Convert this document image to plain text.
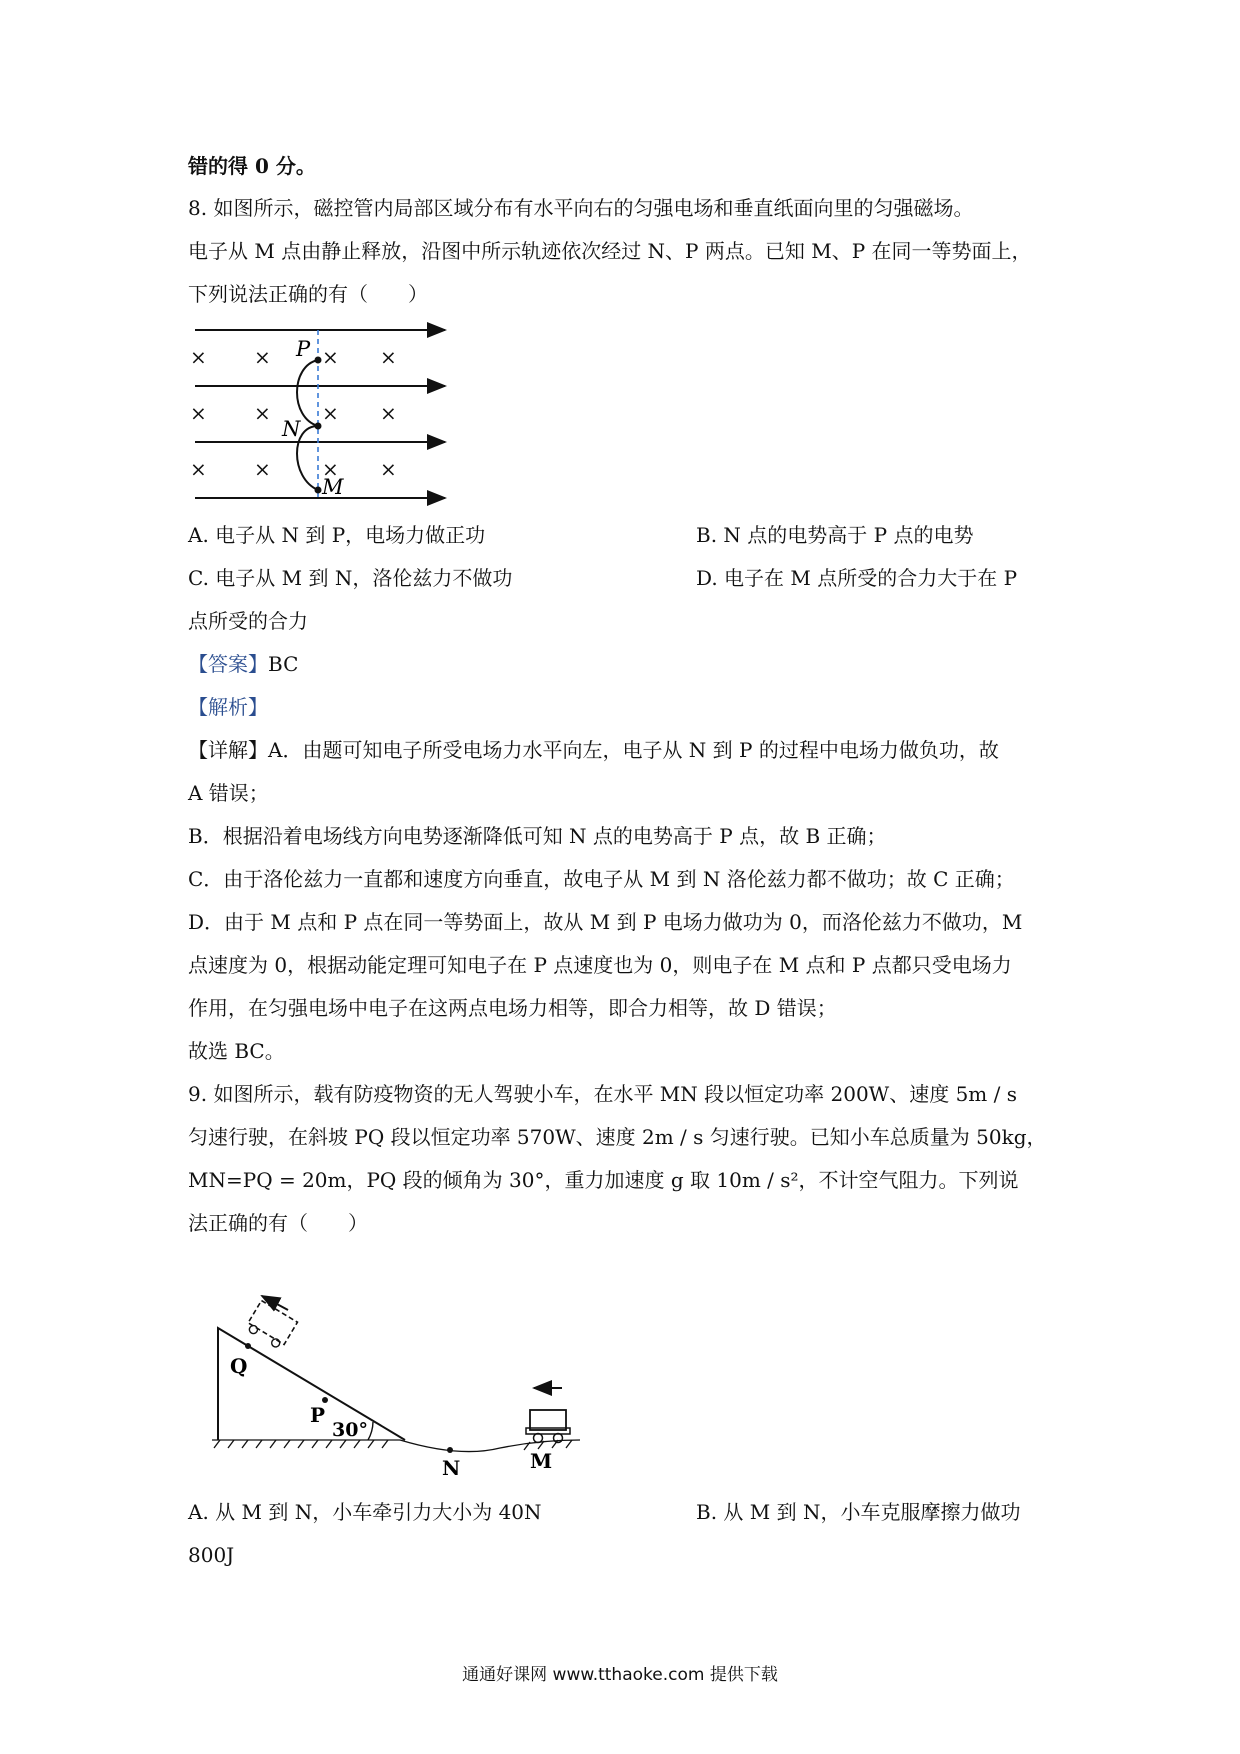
错的得 0 分。
8. 如图所示，磁控管内局部区域分布有水平向右的匀强电场和垂直纸面向里的匀强磁场。
电子从 M 点由静止释放，沿图中所示轨迹依次经过 N、P 两点。已知 M、P 在同一等势面上，
下列说法正确的有（　　）
× ×	× ×
× ×	× ×
× ×	× ×
P
N
M
A. 电子从 N 到 P，电场力做正功	B. N 点的电势高于 P 点的电势
C. 电子从 M 到 N，洛伦兹力不做功	D. 电子在 M 点所受的合力大于在 P
点所受的合力
【答案】BC
【解析】
【详解】A．由题可知电子所受电场力水平向左，电子从 N 到 P 的过程中电场力做负功，故
A 错误；
B．根据沿着电场线方向电势逐渐降低可知 N 点的电势高于 P 点，故 B 正确；
C．由于洛伦兹力一直都和速度方向垂直，故电子从 M 到 N 洛伦兹力都不做功；故 C 正确；
D．由于 M 点和 P 点在同一等势面上，故从 M 到 P 电场力做功为 0，而洛伦兹力不做功，M
点速度为 0，根据动能定理可知电子在 P 点速度也为 0，则电子在 M 点和 P 点都只受电场力
作用，在匀强电场中电子在这两点电场力相等，即合力相等，故 D 错误；
故选 BC。
9. 如图所示，载有防疫物资的无人驾驶小车，在水平 MN 段以恒定功率 200W、速度 5m / s
匀速行驶，在斜坡 PQ 段以恒定功率 570W、速度 2m / s 匀速行驶。已知小车总质量为 50kg，
MN=PQ = 20m，PQ 段的倾角为 30°，重力加速度 g 取 10m / s²，不计空气阻力。下列说
法正确的有（　　）
Q
P
30°
N	M
A. 从 M 到 N，小车牵引力大小为 40N	B. 从 M 到 N，小车克服摩擦力做功
800J
通通好课网 www.tthaoke.com 提供下载
